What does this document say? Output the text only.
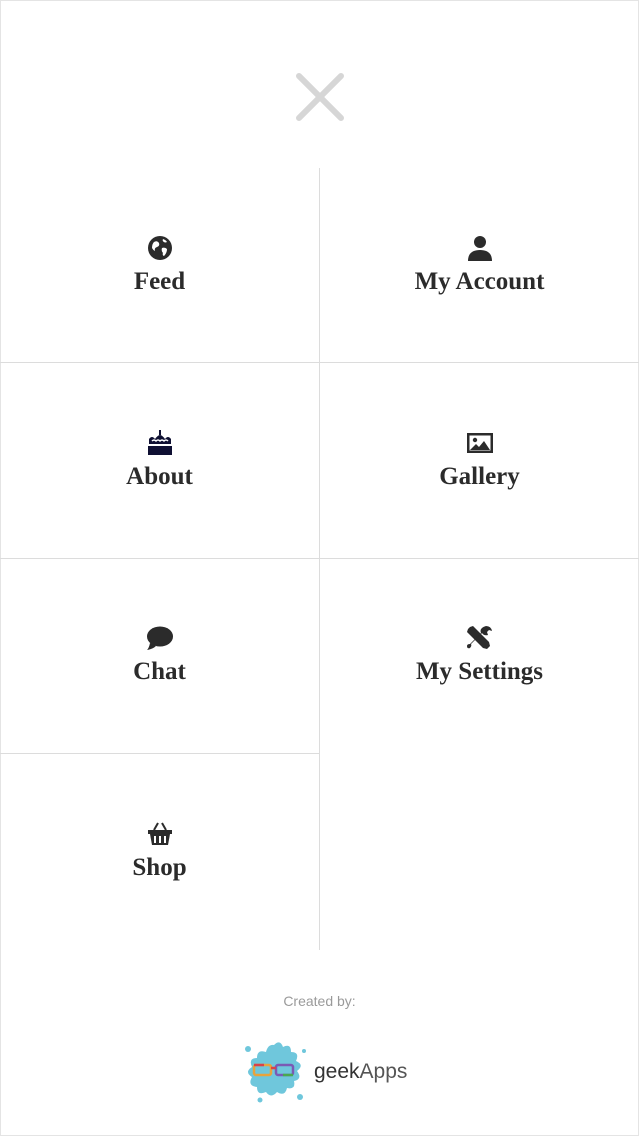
Feed	My Account
About	Gallery
Chat	My Settings
Shop
Created by:
geekApps
